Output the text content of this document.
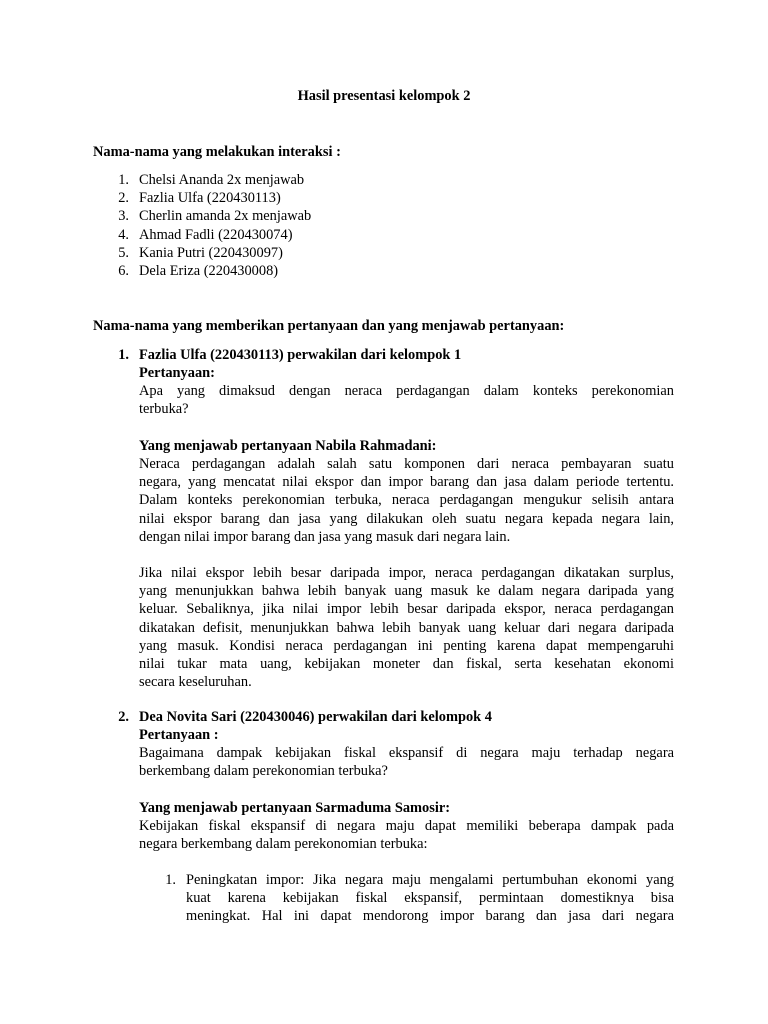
Hasil presentasi kelompok 2
Nama-nama yang melakukan interaksi :
1. Chelsi Ananda 2x menjawab
2. Fazlia Ulfa (220430113)
3. Cherlin amanda 2x menjawab
4. Ahmad Fadli (220430074)
5. Kania Putri (220430097)
6. Dela Eriza (220430008)
Nama-nama yang memberikan pertanyaan dan yang menjawab pertanyaan:
1. Fazlia Ulfa (220430113) perwakilan dari kelompok 1
Pertanyaan:
Apa yang dimaksud dengan neraca perdagangan dalam konteks perekonomian
terbuka?
Yang menjawab pertanyaan Nabila Rahmadani:
Neraca perdagangan adalah salah satu komponen dari neraca pembayaran suatu
negara, yang mencatat nilai ekspor dan impor barang dan jasa dalam periode tertentu.
Dalam konteks perekonomian terbuka, neraca perdagangan mengukur selisih antara
nilai ekspor barang dan jasa yang dilakukan oleh suatu negara kepada negara lain,
dengan nilai impor barang dan jasa yang masuk dari negara lain.
Jika nilai ekspor lebih besar daripada impor, neraca perdagangan dikatakan surplus,
yang menunjukkan bahwa lebih banyak uang masuk ke dalam negara daripada yang
keluar. Sebaliknya, jika nilai impor lebih besar daripada ekspor, neraca perdagangan
dikatakan defisit, menunjukkan bahwa lebih banyak uang keluar dari negara daripada
yang masuk. Kondisi neraca perdagangan ini penting karena dapat mempengaruhi
nilai tukar mata uang, kebijakan moneter dan fiskal, serta kesehatan ekonomi
secara keseluruhan.
2. Dea Novita Sari (220430046) perwakilan dari kelompok 4
Pertanyaan :
Bagaimana dampak kebijakan fiskal ekspansif di negara maju terhadap negara
berkembang dalam perekonomian terbuka?
Yang menjawab pertanyaan Sarmaduma Samosir:
Kebijakan fiskal ekspansif di negara maju dapat memiliki beberapa dampak pada
negara berkembang dalam perekonomian terbuka:
1. Peningkatan impor: Jika negara maju mengalami pertumbuhan ekonomi yang
kuat karena kebijakan fiskal ekspansif, permintaan domestiknya bisa
meningkat. Hal ini dapat mendorong impor barang dan jasa dari negara
